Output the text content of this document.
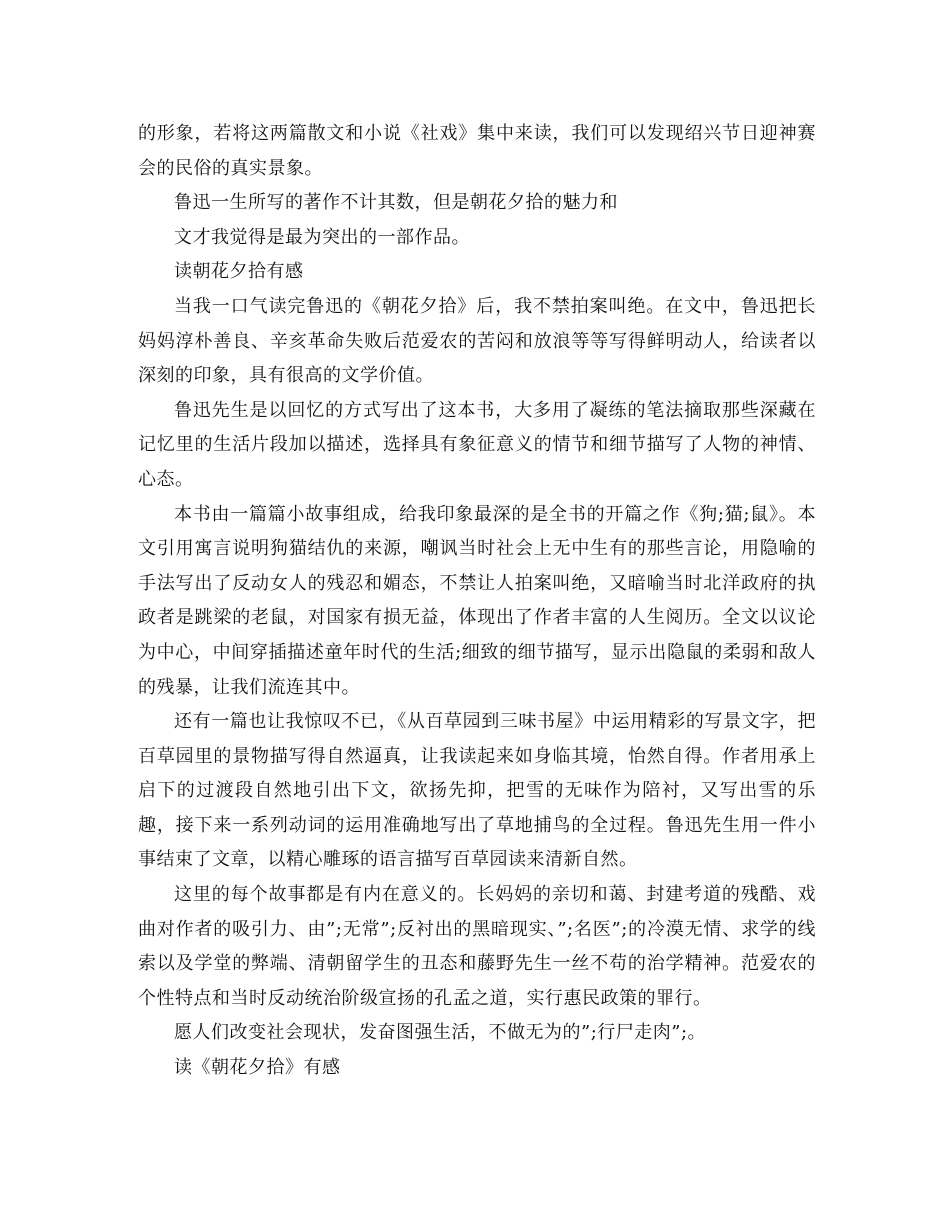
的形象，若将这两篇散文和小说《社戏》集中来读，我们可以发现绍兴节日迎神赛会的民俗的真实景象。

鲁迅一生所写的著作不计其数，但是朝花夕拾的魅力和

文才我觉得是最为突出的一部作品。

读朝花夕拾有感

当我一口气读完鲁迅的《朝花夕拾》后，我不禁拍案叫绝。在文中，鲁迅把长妈妈淳朴善良、辛亥革命失败后范爱农的苦闷和放浪等等写得鲜明动人，给读者以深刻的印象，具有很高的文学价值。

鲁迅先生是以回忆的方式写出了这本书，大多用了凝练的笔法摘取那些深藏在记忆里的生活片段加以描述，选择具有象征意义的情节和细节描写了人物的神情、心态。

本书由一篇篇小故事组成，给我印象最深的是全书的开篇之作《狗;猫;鼠》。本文引用寓言说明狗猫结仇的来源，嘲讽当时社会上无中生有的那些言论，用隐喻的手法写出了反动女人的残忍和媚态，不禁让人拍案叫绝，又暗喻当时北洋政府的执政者是跳梁的老鼠，对国家有损无益，体现出了作者丰富的人生阅历。全文以议论为中心，中间穿插描述童年时代的生活;细致的细节描写，显示出隐鼠的柔弱和敌人的残暴，让我们流连其中。

还有一篇也让我惊叹不已，《从百草园到三味书屋》中运用精彩的写景文字，把百草园里的景物描写得自然逼真，让我读起来如身临其境，怡然自得。作者用承上启下的过渡段自然地引出下文，欲扬先抑，把雪的无味作为陪衬，又写出雪的乐趣，接下来一系列动词的运用准确地写出了草地捕鸟的全过程。鲁迅先生用一件小事结束了文章，以精心雕琢的语言描写百草园读来清新自然。

这里的每个故事都是有内在意义的。长妈妈的亲切和蔼、封建考道的残酷、戏曲对作者的吸引力、由”;无常”;反衬出的黑暗现实、”;名医”;的冷漠无情、求学的线索以及学堂的弊端、清朝留学生的丑态和藤野先生一丝不苟的治学精神。范爱农的个性特点和当时反动统治阶级宣扬的孔孟之道，实行惠民政策的罪行。

愿人们改变社会现状，发奋图强生活，不做无为的”;行尸走肉”;。

读《朝花夕拾》有感
